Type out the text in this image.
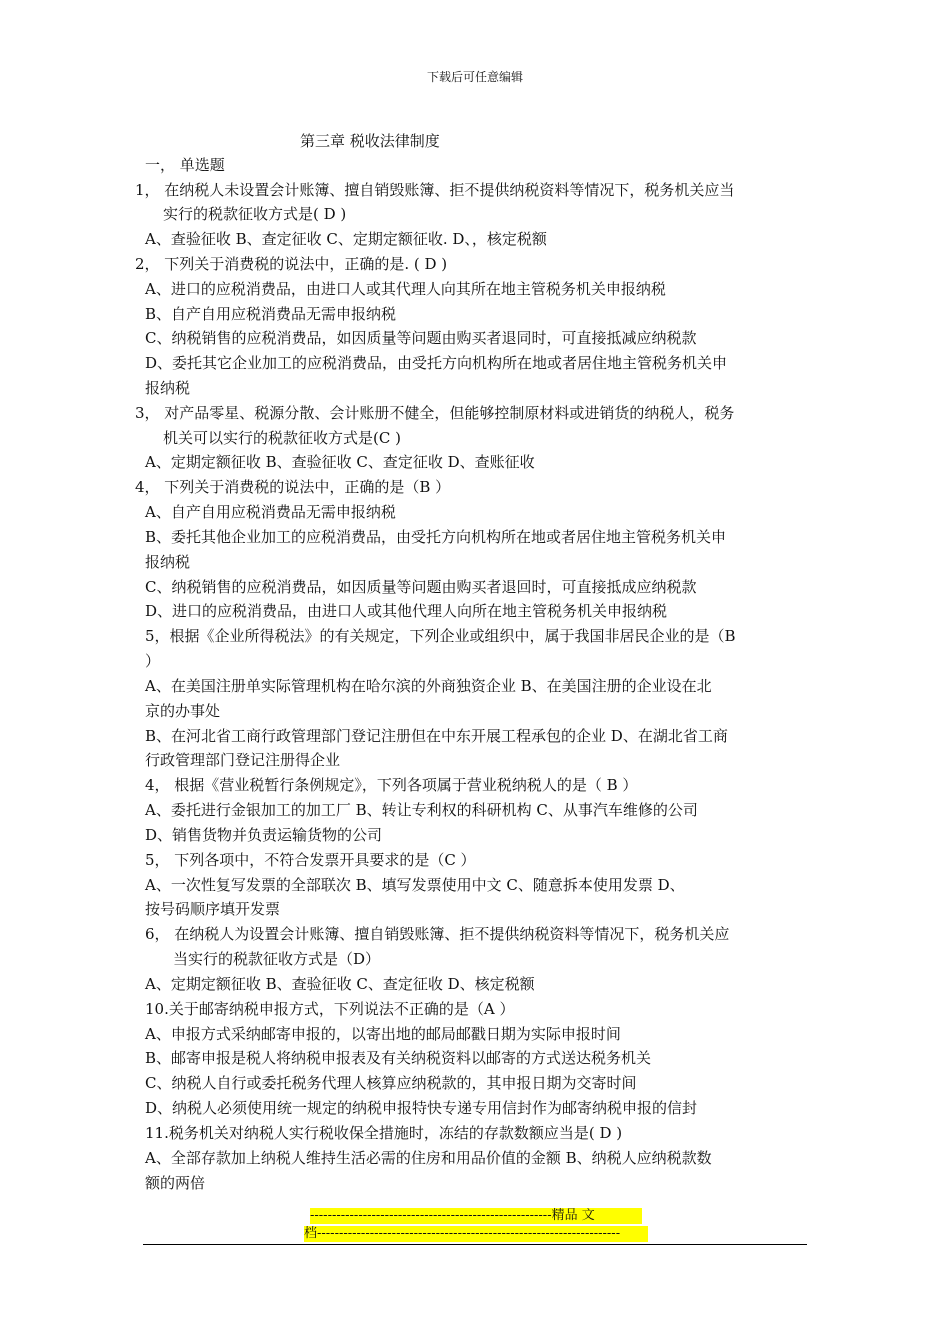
下载后可任意编辑
第三章 税收法律制度
一， 单选题
1， 在纳税人未设置会计账簿、擅自销毁账簿、拒不提供纳税资料等情况下，税务机关应当
实行的税款征收方式是( D )
A、查验征收 B、查定征收 C、定期定额征收. D、，核定税额
2， 下列关于消费税的说法中，正确的是. ( D )
A、进口的应税消费品，由进口人或其代理人向其所在地主管税务机关申报纳税
B、自产自用应税消费品无需申报纳税
C、纳税销售的应税消费品，如因质量等问题由购买者退同时，可直接抵减应纳税款
D、委托其它企业加工的应税消费品，由受托方向机构所在地或者居住地主管税务机关申
报纳税
3， 对产品零星、税源分散、会计账册不健全，但能够控制原材料或进销货的纳税人，税务
机关可以实行的税款征收方式是(C )
A、定期定额征收 B、查验征收 C、查定征收 D、查账征收
4， 下列关于消费税的说法中，正确的是（B ）
A、自产自用应税消费品无需申报纳税
B、委托其他企业加工的应税消费品，由受托方向机构所在地或者居住地主管税务机关申
报纳税
C、纳税销售的应税消费品，如因质量等问题由购买者退回时，可直接抵成应纳税款
D、进口的应税消费品，由进口人或其他代理人向所在地主管税务机关申报纳税
5，根据《企业所得税法》的有关规定，下列企业或组织中，属于我国非居民企业的是（B
）
A、在美国注册单实际管理机构在哈尔滨的外商独资企业 B、在美国注册的企业设在北
京的办事处
B、在河北省工商行政管理部门登记注册但在中东开展工程承包的企业 D、在湖北省工商
行政管理部门登记注册得企业
4， 根据《营业税暂行条例规定》，下列各项属于营业税纳税人的是（ B ）
A、委托进行金银加工的加工厂 B、转让专利权的科研机构 C、从事汽车维修的公司
D、销售货物并负责运输货物的公司
5， 下列各项中，不符合发票开具要求的是（C ）
A、一次性复写发票的全部联次 B、填写发票使用中文 C、随意拆本使用发票 D、
按号码顺序填开发票
6， 在纳税人为设置会计账簿、擅自销毁账簿、拒不提供纳税资料等情况下，税务机关应
当实行的税款征收方式是（D）
A、定期定额征收 B、查验征收 C、查定征收 D、核定税额
10.关于邮寄纳税申报方式，下列说法不正确的是（A ）
A、申报方式采纳邮寄申报的，以寄出地的邮局邮戳日期为实际申报时间
B、邮寄申报是税人将纳税申报表及有关纳税资料以邮寄的方式送达税务机关
C、纳税人自行或委托税务代理人核算应纳税款的，其申报日期为交寄时间
D、纳税人必须使用统一规定的纳税申报特快专递专用信封作为邮寄纳税申报的信封
11.税务机关对纳税人实行税收保全措施时，冻结的存款数额应当是( D )
A、全部存款加上纳税人维持生活必需的住房和用品价值的金额 B、纳税人应纳税款数
额的两倍
-------------------------------------------------------精品 文
档---------------------------------------------------------------------
